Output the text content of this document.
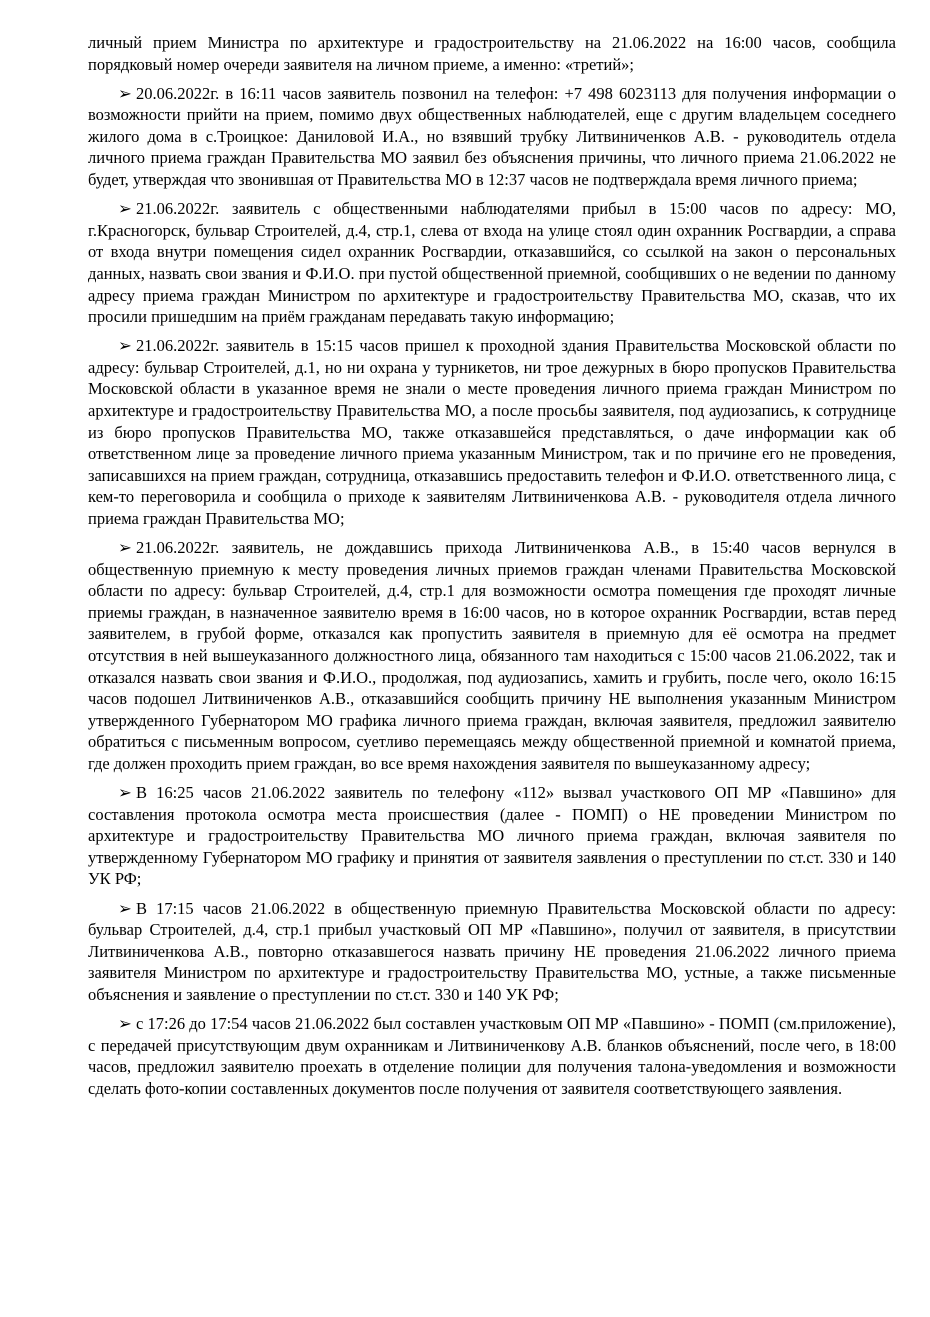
личный прием Министра по архитектуре и градостроительству на 21.06.2022 на 16:00 часов, сообщила порядковый номер очереди заявителя на личном приеме, а именно: «третий»;

➢ 20.06.2022г. в 16:11 часов заявитель позвонил на телефон: +7 498 6023113 для получения информации о возможности прийти на прием, помимо двух общественных наблюдателей, еще с другим владельцем соседнего жилого дома в с.Троицкое: Даниловой И.А., но взявший трубку Литвиниченков А.В. - руководитель отдела личного приема граждан Правительства МО заявил без объяснения причины, что личного приема 21.06.2022 не будет, утверждая что звонившая от Правительства МО в 12:37 часов не подтверждала время личного приема;

➢ 21.06.2022г. заявитель с общественными наблюдателями прибыл в 15:00 часов по адресу: МО, г.Красногорск, бульвар Строителей, д.4, стр.1, слева от входа на улице стоял один охранник Росгвардии, а справа от входа внутри помещения сидел охранник Росгвардии, отказавшийся, со ссылкой на закон о персональных данных, назвать свои звания и Ф.И.О. при пустой общественной приемной, сообщивших о не ведении по данному адресу приема граждан Министром по архитектуре и градостроительству Правительства МО, сказав, что их просили пришедшим на приём гражданам передавать такую информацию;

➢ 21.06.2022г. заявитель в 15:15 часов пришел к проходной здания Правительства Московской области по адресу: бульвар Строителей, д.1, но ни охрана у турникетов, ни трое дежурных в бюро пропусков Правительства Московской области в указанное время не знали о месте проведения личного приема граждан Министром по архитектуре и градостроительству Правительства МО, а после просьбы заявителя, под аудиозапись, к сотруднице из бюро пропусков Правительства МО, также отказавшейся представляться, о даче информации как об ответственном лице за проведение личного приема указанным Министром, так и по причине его не проведения, записавшихся на прием граждан, сотрудница, отказавшись предоставить телефон и Ф.И.О. ответственного лица, с кем-то переговорила и сообщила о приходе к заявителям Литвиниченкова А.В. - руководителя отдела личного приема граждан Правительства МО;

➢ 21.06.2022г. заявитель, не дождавшись прихода Литвиниченкова А.В., в 15:40 часов вернулся в общественную приемную к месту проведения личных приемов граждан членами Правительства Московской области по адресу: бульвар Строителей, д.4, стр.1 для возможности осмотра помещения где проходят личные приемы граждан, в назначенное заявителю время в 16:00 часов, но в которое охранник Росгвардии, встав перед заявителем, в грубой форме, отказался как пропустить заявителя в приемную для её осмотра на предмет отсутствия в ней вышеуказанного должностного лица, обязанного там находиться с 15:00 часов 21.06.2022, так и отказался назвать свои звания и Ф.И.О., продолжая, под аудиозапись, хамить и грубить, после чего, около 16:15 часов подошел Литвиниченков А.В., отказавшийся сообщить причину НЕ выполнения указанным Министром утвержденного Губернатором МО графика личного приема граждан, включая заявителя, предложил заявителю обратиться с письменным вопросом, суетливо перемещаясь между общественной приемной и комнатой приема, где должен проходить прием граждан, во все время нахождения заявителя по вышеуказанному адресу;

➢ В 16:25 часов 21.06.2022 заявитель по телефону «112» вызвал участкового ОП МР «Павшино» для составления протокола осмотра места происшествия (далее - ПОМП) о НЕ проведении Министром по архитектуре и градостроительству Правительства МО личного приема граждан, включая заявителя по утвержденному Губернатором МО графику и принятия от заявителя заявления о преступлении по ст.ст. 330 и 140 УК РФ;

➢ В 17:15 часов 21.06.2022 в общественную приемную Правительства Московской области по адресу: бульвар Строителей, д.4, стр.1 прибыл участковый ОП МР «Павшино», получил от заявителя, в присутствии Литвиниченкова А.В., повторно отказавшегося назвать причину НЕ проведения 21.06.2022 личного приема заявителя Министром по архитектуре и градостроительству Правительства МО, устные, а также письменные объяснения и заявление о преступлении по ст.ст. 330 и 140 УК РФ;

➢ с 17:26 до 17:54 часов 21.06.2022 был составлен участковым ОП МР «Павшино» - ПОМП (см.приложение), с передачей присутствующим двум охранникам и Литвиниченкову А.В. бланков объяснений, после чего, в 18:00 часов, предложил заявителю проехать в отделение полиции для получения талона-уведомления и возможности сделать фото-копии составленных документов после получения от заявителя соответствующего заявления.
